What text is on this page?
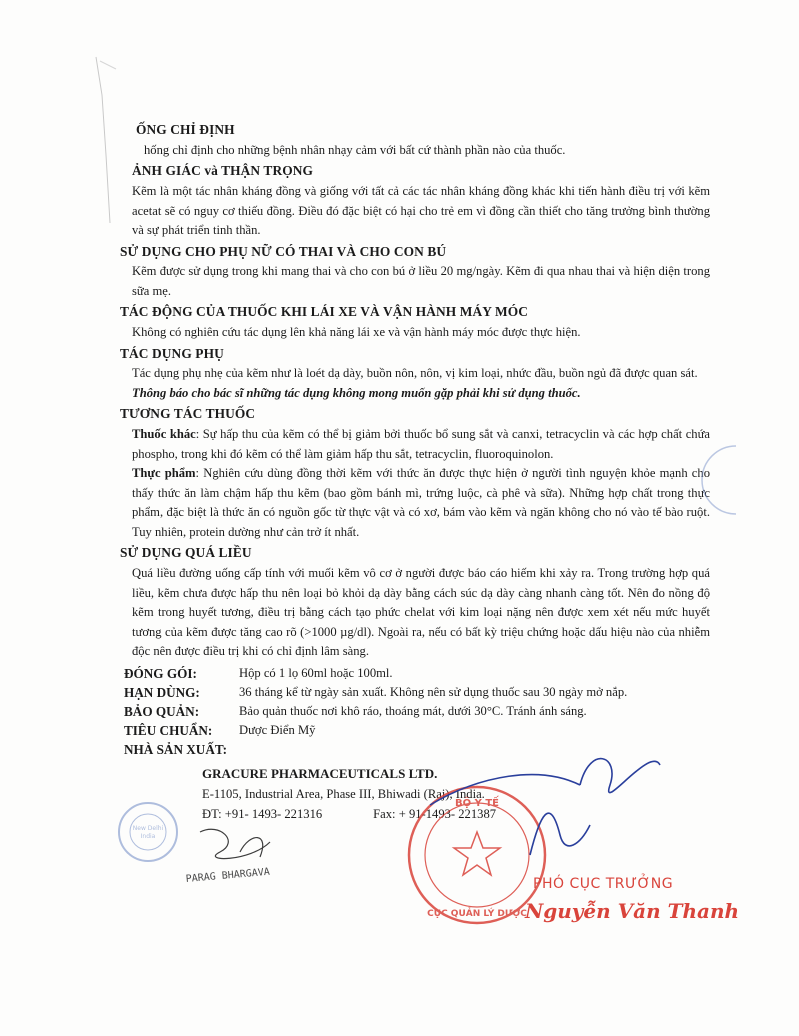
ỐNG CHỈ ĐỊNH

hống chỉ định cho những bệnh nhân nhạy cảm với bất cứ thành phần nào của thuốc.

ẢNH GIÁC và THẬN TRỌNG

Kẽm là một tác nhân kháng đồng và giống với tất cả các tác nhân kháng đồng khác khi tiến hành điều trị với kẽm acetat sẽ có nguy cơ thiếu đồng. Điều đó đặc biệt có hại cho trẻ em vì đồng cần thiết cho tăng trưởng bình thường và sự phát triển tinh thần.

SỬ DỤNG CHO PHỤ NỮ CÓ THAI VÀ CHO CON BÚ

Kẽm được sử dụng trong khi mang thai và cho con bú ở liều 20 mg/ngày. Kẽm đi qua nhau thai và hiện diện trong sữa mẹ.

TÁC ĐỘNG CỦA THUỐC KHI LÁI XE VÀ VẬN HÀNH MÁY MÓC

Không có nghiên cứu tác dụng lên khả năng lái xe và vận hành máy móc được thực hiện.

TÁC DỤNG PHỤ

Tác dụng phụ nhẹ của kẽm như là loét dạ dày, buồn nôn, nôn, vị kim loại, nhức đầu, buồn ngủ đã được quan sát.

Thông báo cho bác sĩ những tác dụng không mong muốn gặp phải khi sử dụng thuốc.

TƯƠNG TÁC THUỐC

Thuốc khác: Sự hấp thu của kẽm có thể bị giảm bởi thuốc bổ sung sắt và canxi, tetracyclin và các hợp chất chứa phospho, trong khi đó kẽm có thể làm giảm hấp thu sắt, tetracyclin, fluoroquinolon.

Thực phẩm: Nghiên cứu dùng đồng thời kẽm với thức ăn được thực hiện ở người tình nguyện khỏe mạnh cho thấy thức ăn làm chậm hấp thu kẽm (bao gồm bánh mì, trứng luộc, cà phê và sữa). Những hợp chất trong thực phẩm, đặc biệt là thức ăn có nguồn gốc từ thực vật và có xơ, bám vào kẽm và ngăn không cho nó vào tế bào ruột. Tuy nhiên, protein dường như cản trở ít nhất.

SỬ DỤNG QUÁ LIỀU

Quá liều đường uống cấp tính với muối kẽm vô cơ ở người được báo cáo hiếm khi xảy ra. Trong trường hợp quá liều, kẽm chưa được hấp thu nên loại bỏ khỏi dạ dày bằng cách súc dạ dày càng nhanh càng tốt. Nên đo nồng độ kẽm trong huyết tương, điều trị bằng cách tạo phức chelat với kim loại nặng nên được xem xét nếu mức huyết tương của kẽm được tăng cao rõ (>1000 µg/dl). Ngoài ra, nếu có bất kỳ triệu chứng hoặc dấu hiệu nào của nhiễm độc nên được điều trị khi có chỉ định lâm sàng.

ĐÓNG GÓI:	Hộp có 1 lọ 60ml hoặc 100ml.
HẠN DÙNG:	36 tháng kể từ ngày sản xuất. Không nên sử dụng thuốc sau 30 ngày mở nắp.
BẢO QUẢN:	Bảo quản thuốc nơi khô ráo, thoáng mát, dưới 30°C. Tránh ánh sáng.
TIÊU CHUẨN:	Dược Điển Mỹ
NHÀ SẢN XUẤT:
GRACURE PHARMACEUTICALS LTD.
E-1105, Industrial Area, Phase III, Bhiwadi (Raj), India.
ĐT: +91- 1493- 221316	Fax: + 91-1493- 221387
New Delhi
India
PARAG BHARGAVA
BỘ Y TẾ
CỤC QUẢN LÝ DƯỢC
PHÓ CỤC TRƯỞNG
Nguyễn Văn Thanh
